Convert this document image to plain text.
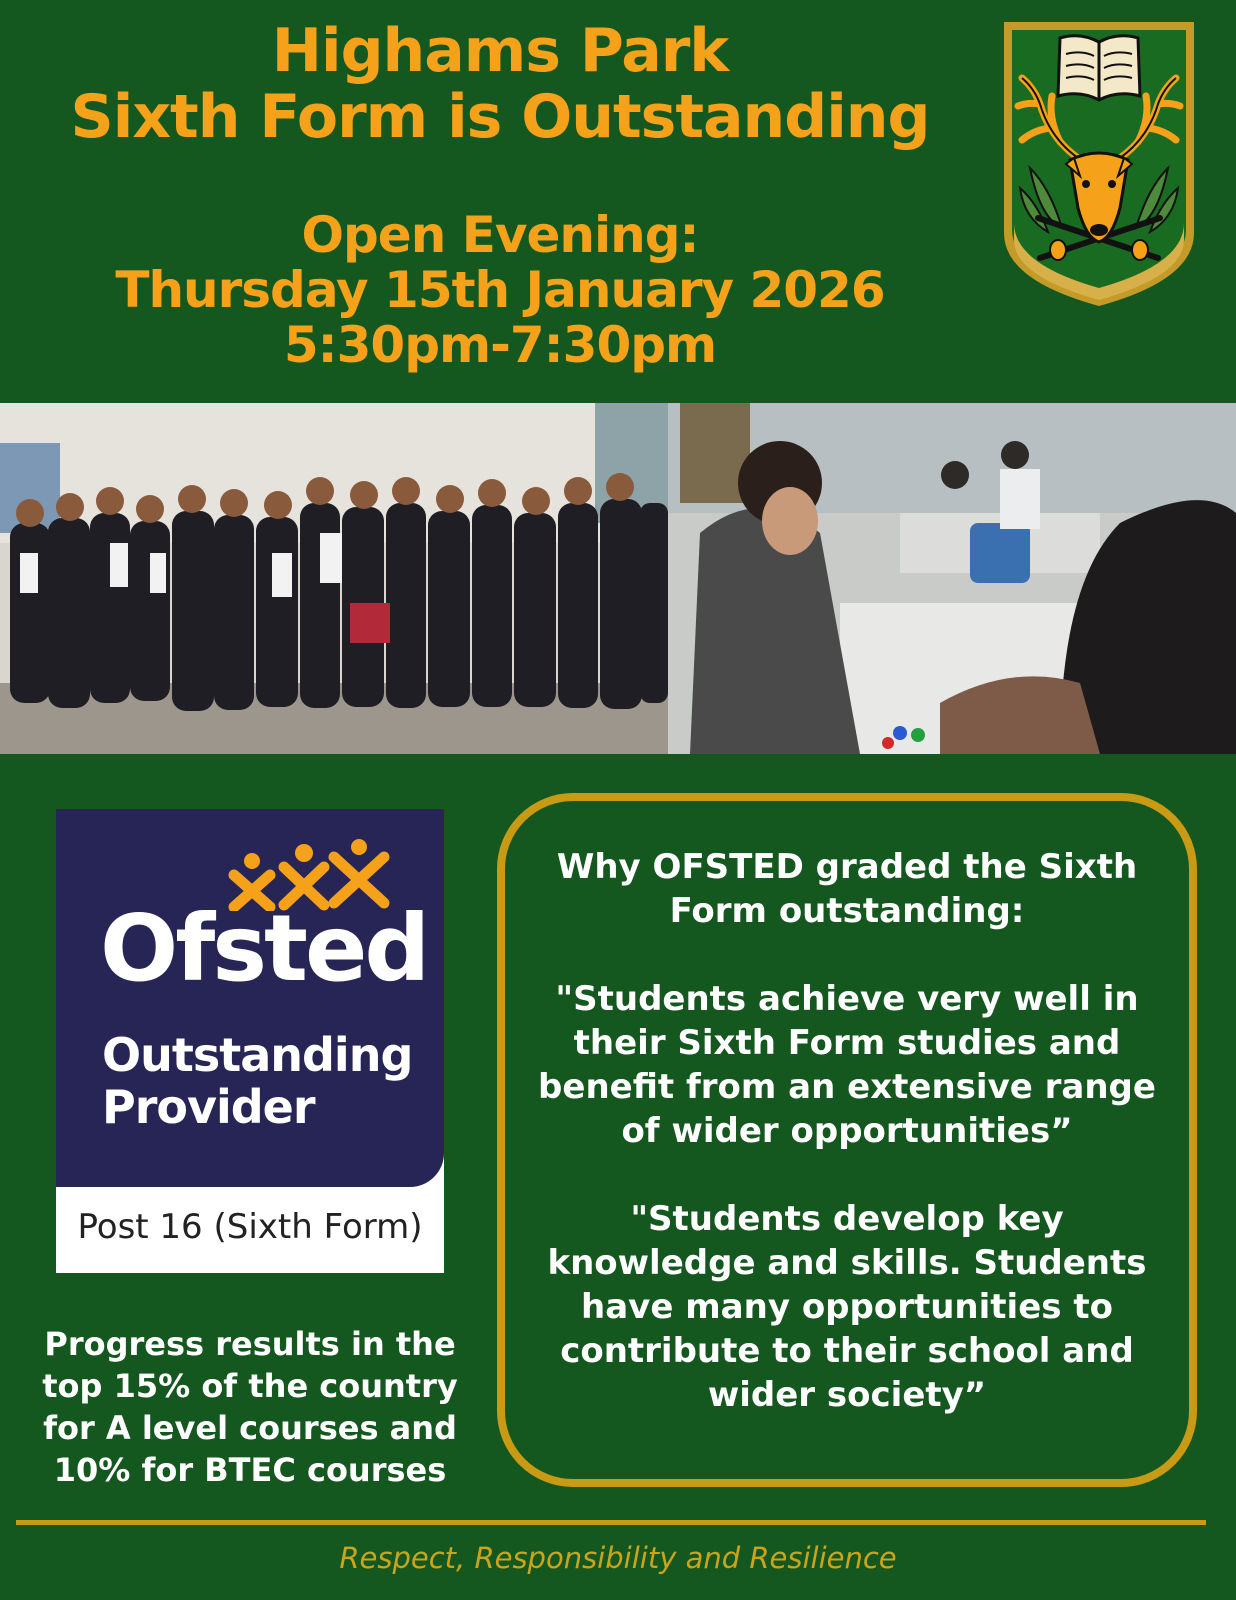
Highams Park
Sixth Form is Outstanding
Open Evening:
Thursday 15th January 2026
5:30pm-7:30pm
Ofsted
Outstanding
Provider
Post 16 (Sixth Form)
Progress results in the
top 15% of the country
for A level courses and
10% for BTEC courses

Why OFSTED graded the Sixth

Form outstanding:

"Students achieve very well in

their Sixth Form studies and

benefit from an extensive range

of wider opportunities”

"Students develop key

knowledge and skills. Students

have many opportunities to

contribute to their school and

wider society”

Respect, Responsibility and Resilience
